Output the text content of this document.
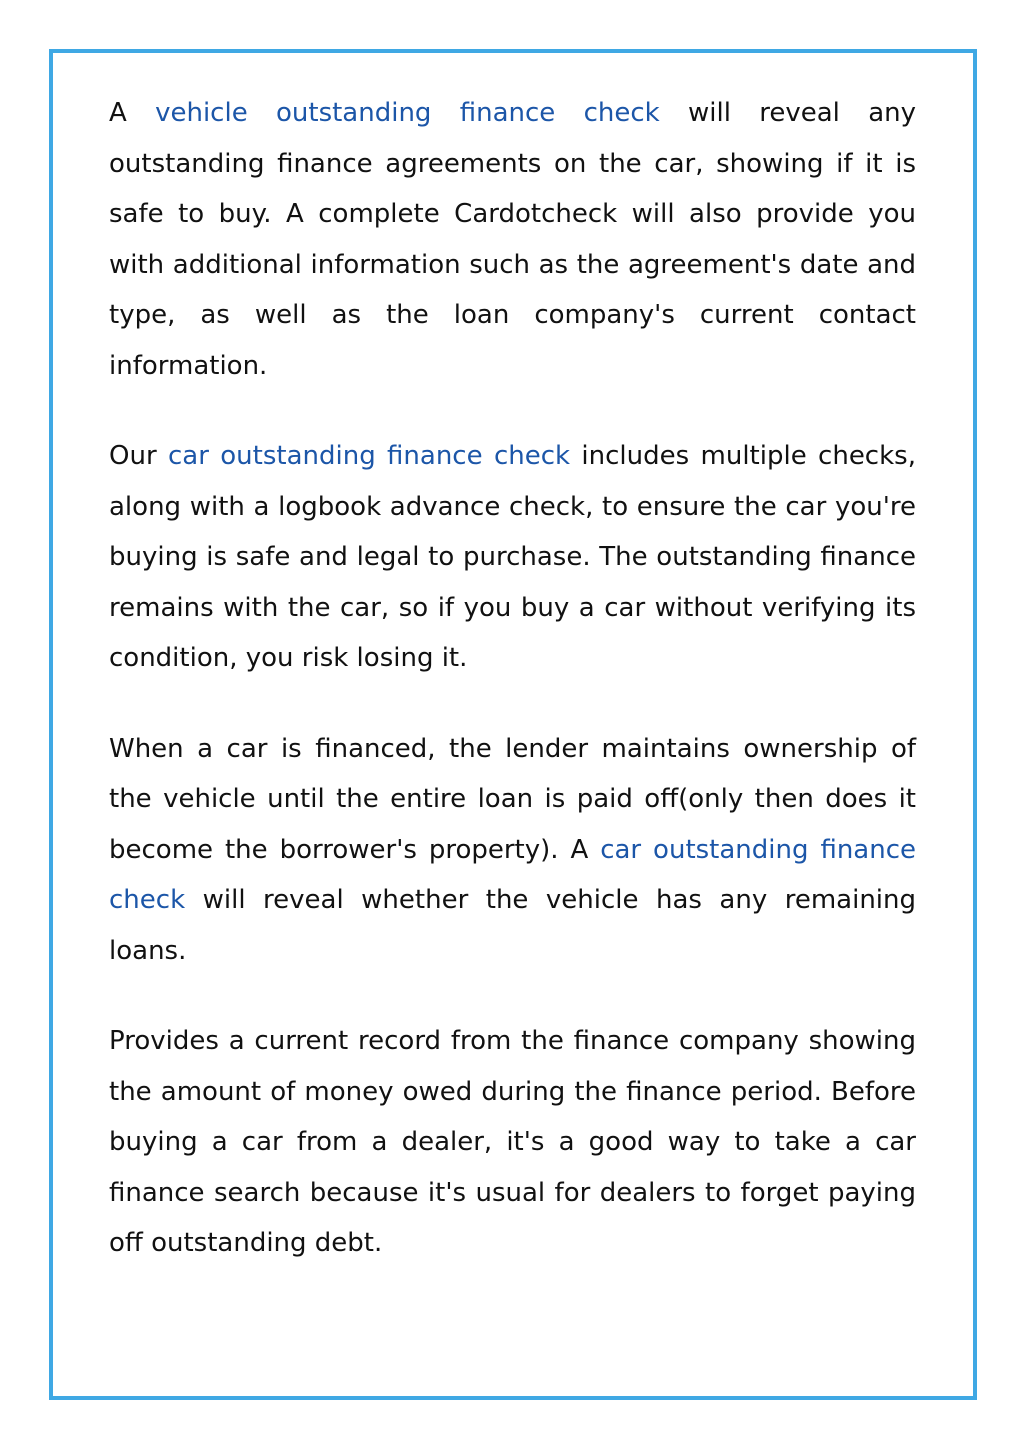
A vehicle outstanding finance check will reveal any outstanding finance agreements on the car, showing if it is safe to buy. A complete Cardotcheck will also provide you with additional information such as the agreement's date and type, as well as the loan company's current contact information.

Our car outstanding finance check includes multiple checks, along with a logbook advance check, to ensure the car you're buying is safe and legal to purchase. The outstanding finance remains with the car, so if you buy a car without verifying its condition, you risk losing it.

When a car is financed, the lender maintains ownership of the vehicle until the entire loan is paid off(only then does it become the borrower's property). A car outstanding finance check will reveal whether the vehicle has any remaining loans.

Provides a current record from the finance company showing the amount of money owed during the finance period. Before buying a car from a dealer, it's a good way to take a car finance search because it's usual for dealers to forget paying off outstanding debt.
